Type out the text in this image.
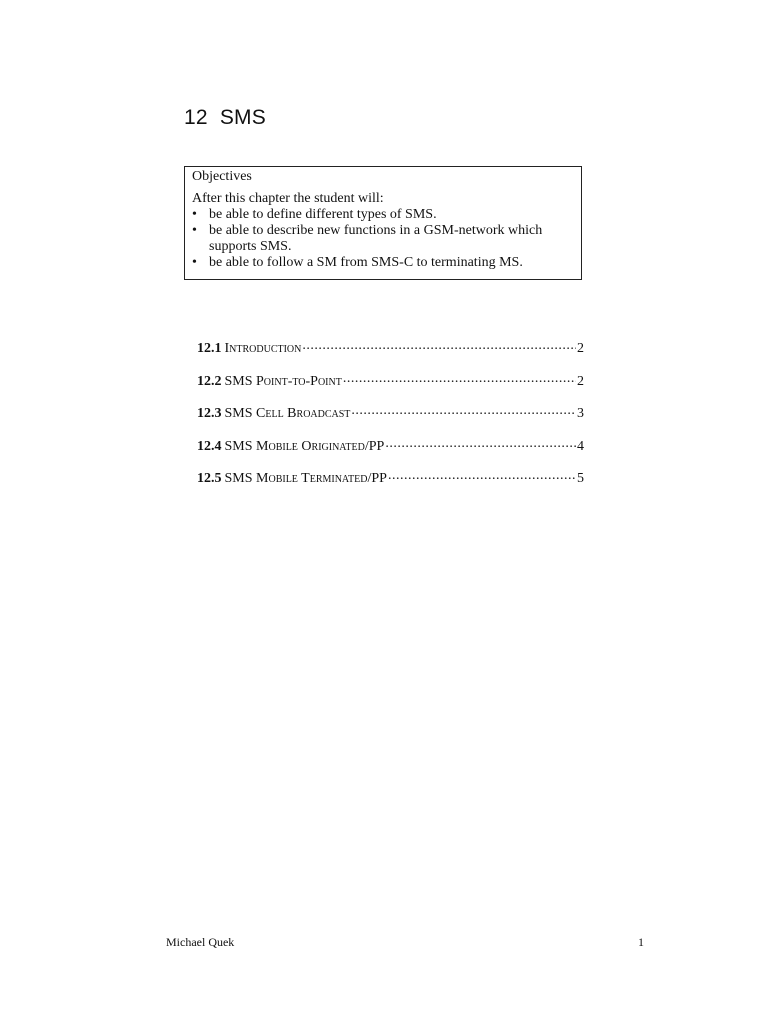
12 SMS

Objectives

After this chapter the student will:

• be able to define different types of SMS.
• be able to describe new functions in a GSM-network which supports SMS.
• be able to follow a SM from SMS-C to terminating MS.
12.1 Introduction .....	2
12.2 SMS Point-to-Point .....	2
12.3 SMS Cell Broadcast .....	3
12.4 SMS Mobile Originated/PP .....	4
12.5 SMS Mobile Terminated/PP .....	5
Michael Quek	1
